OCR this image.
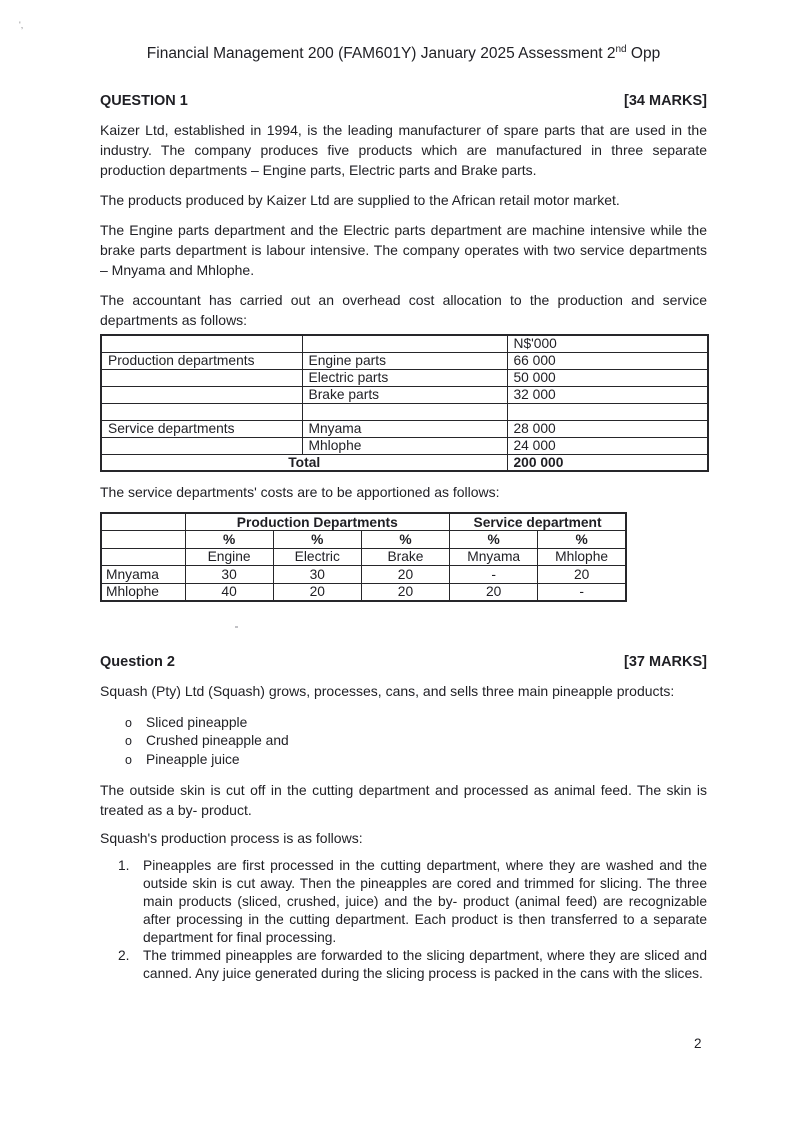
',
Financial Management 200 (FAM601Y) January 2025 Assessment 2nd Opp
QUESTION 1	[34 MARKS]

Kaizer Ltd, established in 1994, is the leading manufacturer of spare parts that are used in the industry. The company produces five products which are manufactured in three separate production departments – Engine parts, Electric parts and Brake parts.

The products produced by Kaizer Ltd are supplied to the African retail motor market.

The Engine parts department and the Electric parts department are machine intensive while the brake parts department is labour intensive. The company operates with two service departments – Mnyama and Mhlophe.

The accountant has carried out an overhead cost allocation to the production and service departments as follows:

		N$'000
Production departments	Engine parts	66 000
	Electric parts	50 000
	Brake parts	32 000

Service departments	Mnyama	28 000
	Mhlophe	24 000
Total		200 000

The service departments' costs are to be apportioned as follows:

	Production Departments			Service department	
	%	%	%	%	%
	Engine	Electric	Brake	Mnyama	Mhlophe
Mnyama	30	30	20	-	20
Mhlophe	40	20	20	20	-
Question 2	[37 MARKS]

Squash (Pty) Ltd (Squash) grows, processes, cans, and sells three main pineapple products:

o	Sliced pineapple
o	Crushed pineapple and
o	Pineapple juice

The outside skin is cut off in the cutting department and processed as animal feed. The skin is treated as a by- product.

Squash's production process is as follows:

1. Pineapples are first processed in the cutting department, where they are washed and the outside skin is cut away. Then the pineapples are cored and trimmed for slicing. The three main products (sliced, crushed, juice) and the by- product (animal feed) are recognizable after processing in the cutting department. Each product is then transferred to a separate department for final processing.
2. The trimmed pineapples are forwarded to the slicing department, where they are sliced and canned. Any juice generated during the slicing process is packed in the cans with the slices.
2
